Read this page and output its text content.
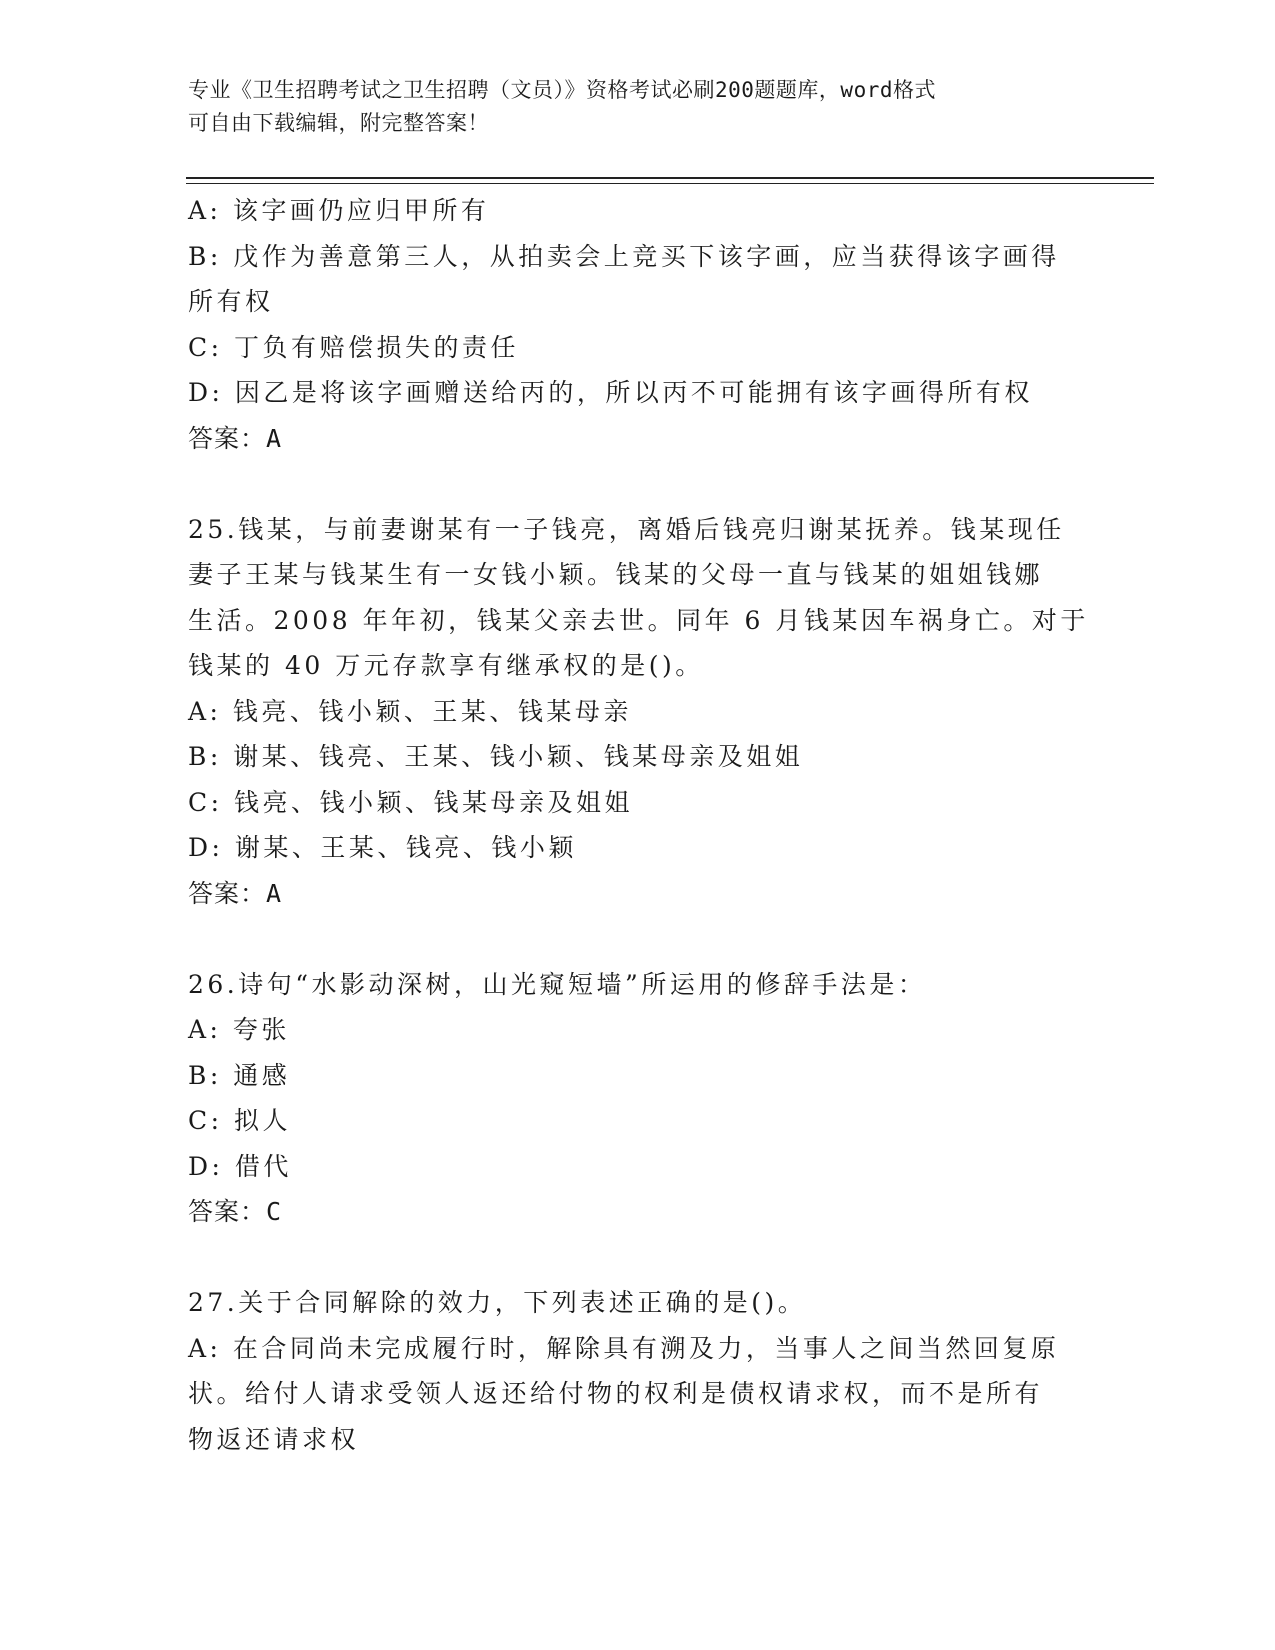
专业《卫生招聘考试之卫生招聘（文员）》资格考试必刷200题题库，word格式
可自由下载编辑，附完整答案！
A: 该字画仍应归甲所有
B: 戊作为善意第三人，从拍卖会上竞买下该字画，应当获得该字画得
所有权
C: 丁负有赔偿损失的责任
D: 因乙是将该字画赠送给丙的，所以丙不可能拥有该字画得所有权
答案：A
25.钱某，与前妻谢某有一子钱亮，离婚后钱亮归谢某抚养。钱某现任
妻子王某与钱某生有一女钱小颖。钱某的父母一直与钱某的姐姐钱娜
生活。2008 年年初，钱某父亲去世。同年 6 月钱某因车祸身亡。对于
钱某的 40 万元存款享有继承权的是()。
A: 钱亮、钱小颖、王某、钱某母亲
B: 谢某、钱亮、王某、钱小颖、钱某母亲及姐姐
C: 钱亮、钱小颖、钱某母亲及姐姐
D: 谢某、王某、钱亮、钱小颖
答案：A
26.诗句“水影动深树，山光窥短墙”所运用的修辞手法是：
A: 夸张
B: 通感
C: 拟人
D: 借代
答案：C
27.关于合同解除的效力，下列表述正确的是()。
A: 在合同尚未完成履行时，解除具有溯及力，当事人之间当然回复原
状。给付人请求受领人返还给付物的权利是债权请求权，而不是所有
物返还请求权
